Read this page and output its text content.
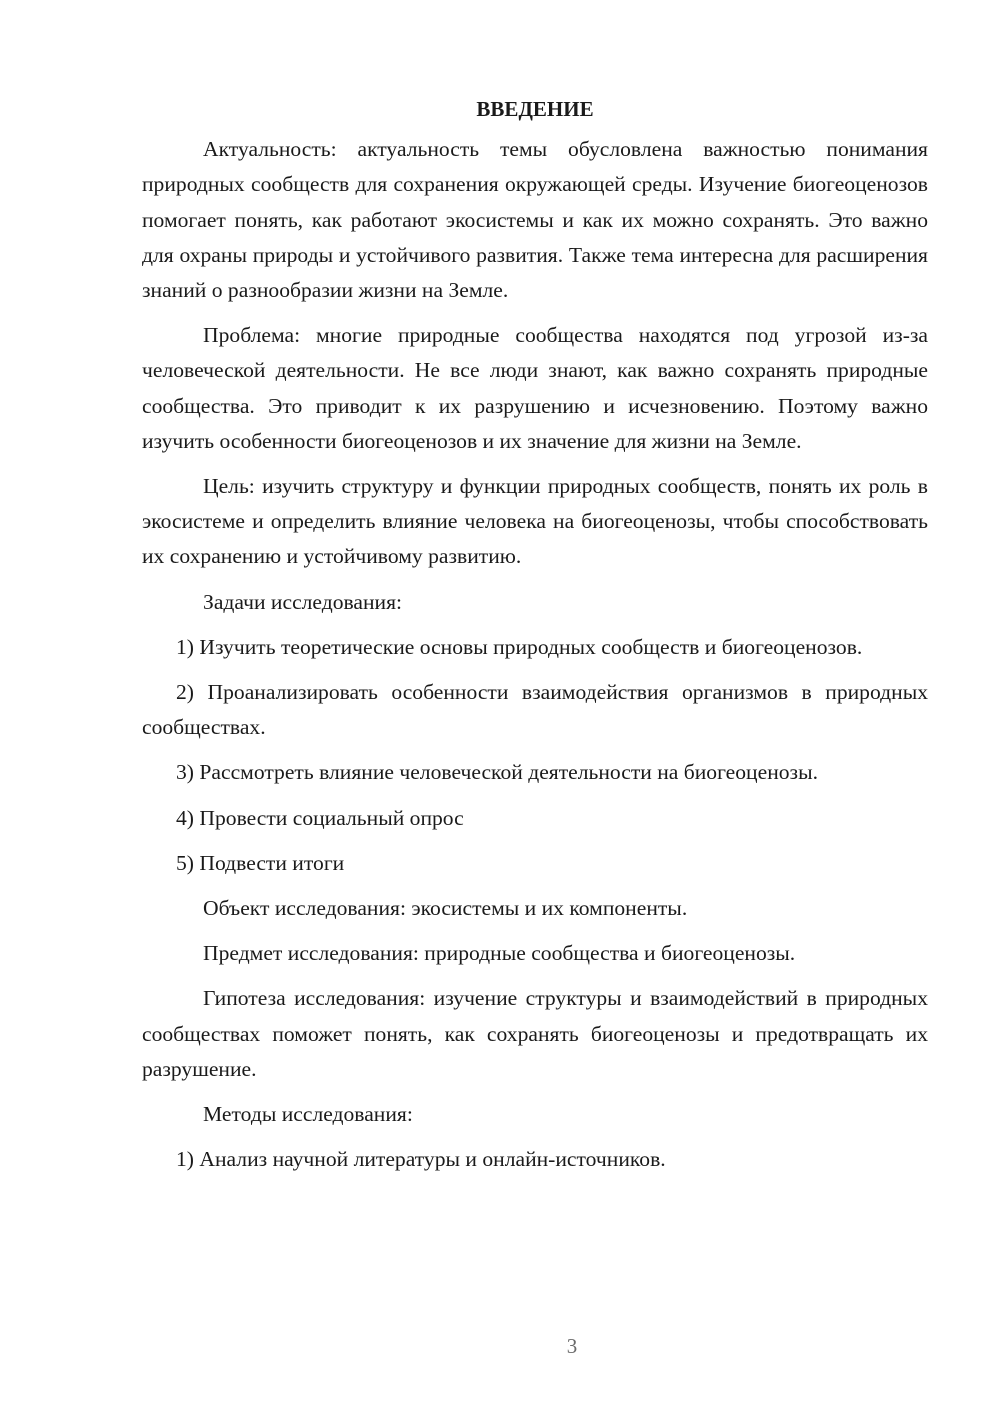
ВВЕДЕНИЕ

Актуальность: актуальность темы обусловлена важностью понимания природных сообществ для сохранения окружающей среды. Изучение биогеоценозов помогает понять, как работают экосистемы и как их можно сохранять. Это важно для охраны природы и устойчивого развития. Также тема интересна для расширения знаний о разнообразии жизни на Земле.

Проблема: многие природные сообщества находятся под угрозой из-за человеческой деятельности. Не все люди знают, как важно сохранять природные сообщества. Это приводит к их разрушению и исчезновению. Поэтому важно изучить особенности биогеоценозов и их значение для жизни на Земле.

Цель: изучить структуру и функции природных сообществ, понять их роль в экосистеме и определить влияние человека на биогеоценозы, чтобы способствовать их сохранению и устойчивому развитию.

Задачи исследования:

1) Изучить теоретические основы природных сообществ и биогеоценозов.

2) Проанализировать особенности взаимодействия организмов в природных сообществах.

3) Рассмотреть влияние человеческой деятельности на биогеоценозы.

4) Провести социальный опрос

5) Подвести итоги

Объект исследования: экосистемы и их компоненты.

Предмет исследования: природные сообщества и биогеоценозы.

Гипотеза исследования: изучение структуры и взаимодействий в природных сообществах поможет понять, как сохранять биогеоценозы и предотвращать их разрушение.

Методы исследования:

1) Анализ научной литературы и онлайн-источников.

3
